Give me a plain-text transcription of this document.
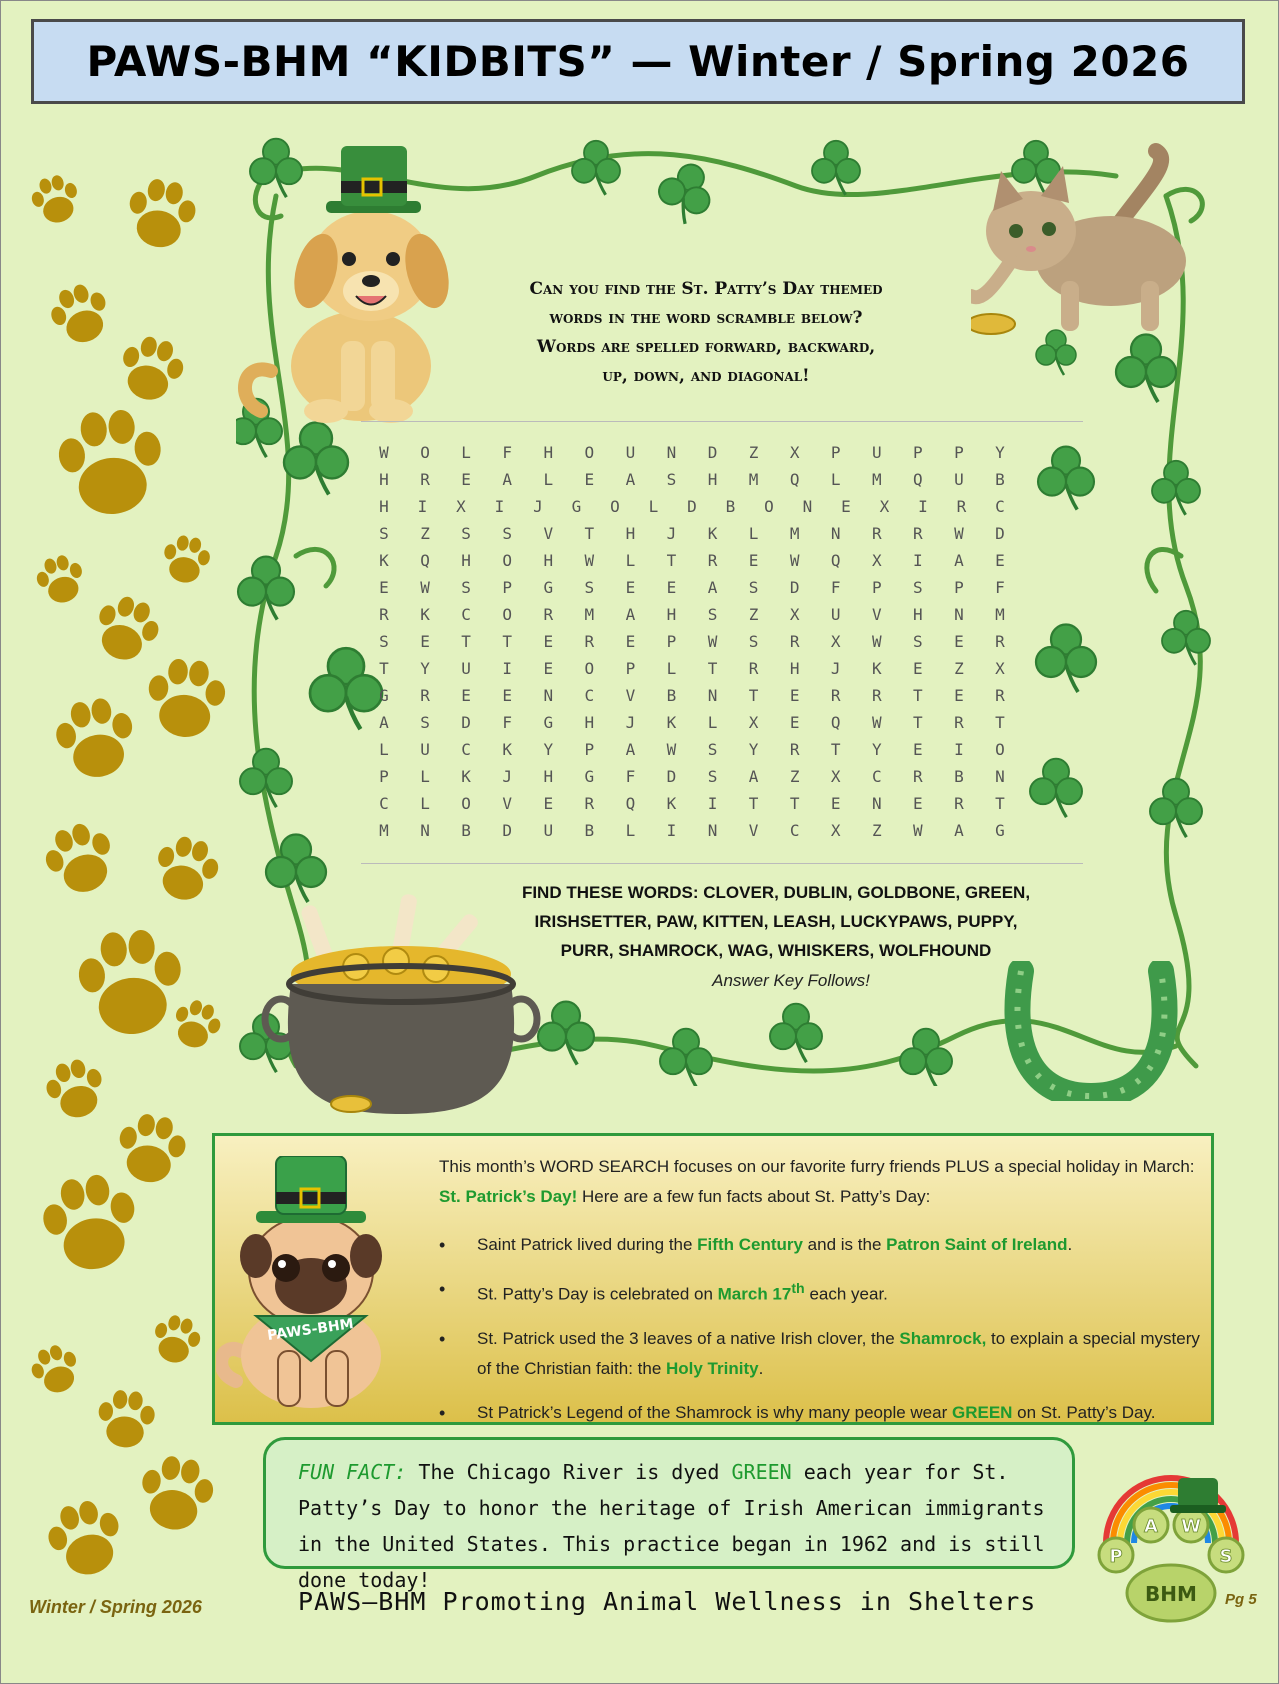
PAWS-BHM “KIDBITS” — Winter / Spring 2026
Can you find the St. Patty’s Day themed
words in the word scramble below?
Words are spelled forward, backward,
up, down, and diagonal!
W	O	L	F	H	O	U	N	D	Z	X	P	U	P	P	Y
H	R	E	A	L	E	A	S	H	M	Q	L	M	Q	U	B
H	I	X	I	J	G	O	L	D	B	O	N	E	X	I	R	C
S	Z	S	S	V	T	H	J	K	L	M	N	R	R	W	D
K	Q	H	O	H	W	L	T	R	E	W	Q	X	I	A	E
E	W	S	P	G	S	E	E	A	S	D	F	P	S	P	F
R	K	C	O	R	M	A	H	S	Z	X	U	V	H	N	M
S	E	T	T	E	R	E	P	W	S	R	X	W	S	E	R
T	Y	U	I	E	O	P	L	T	R	H	J	K	E	Z	X
G	R	E	E	N	C	V	B	N	T	E	R	R	T	E	R
A	S	D	F	G	H	J	K	L	X	E	Q	W	T	R	T
L	U	C	K	Y	P	A	W	S	Y	R	T	Y	E	I	O
P	L	K	J	H	G	F	D	S	A	Z	X	C	R	B	N
C	L	O	V	E	R	Q	K	I	T	T	E	N	E	R	T
M	N	B	D	U	B	L	I	N	V	C	X	Z	W	A	G
FIND THESE WORDS: CLOVER, DUBLIN, GOLDBONE, GREEN,
IRISHSETTER, PAW, KITTEN, LEASH, LUCKYPAWS, PUPPY,
PURR, SHAMROCK, WAG, WHISKERS, WOLFHOUND
Answer Key Follows!
This month’s WORD SEARCH focuses on our favorite furry friends PLUS a special holiday in March: St. Patrick’s Day! Here are a few fun facts about St. Patty’s Day:
• Saint Patrick lived during the Fifth Century and is the Patron Saint of Ireland.
• St. Patty’s Day is celebrated on March 17th each year.
• St. Patrick used the 3 leaves of a native Irish clover, the Shamrock, to explain a special mystery of the Christian faith: the Holy Trinity.
• St Patrick’s Legend of the Shamrock is why many people wear GREEN on St. Patty’s Day.
PAWS-BHM
FUN FACT: The Chicago River is dyed GREEN each year for St. Patty’s Day to honor the heritage of Irish American immigrants in the United States. This practice began in 1962 and is still done today!
P
A W
S
BHM
Winter / Spring 2026	PAWS—BHM Promoting Animal Wellness in Shelters	Pg 5
